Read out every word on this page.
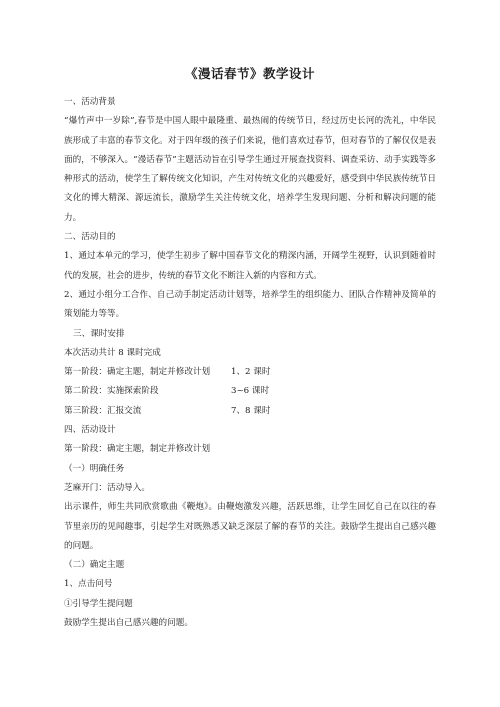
《漫话春节》教学设计

一、活动背景

“爆竹声中一岁除”,春节是中国人眼中最隆重、最热闹的传统节日，经过历史长河的洗礼，中华民族形成了丰富的春节文化。对于四年级的孩子们来说，他们喜欢过春节，但对春节的了解仅仅是表面的，不够深入。“漫话春节”主题活动旨在引导学生通过开展查找资料、调查采访、动手实践等多种形式的活动，使学生了解传统文化知识，产生对传统文化的兴趣爱好，感受到中华民族传统节日文化的博大精深、源远流长，激励学生关注传统文化，培养学生发现问题、分析和解决问题的能力。

二、活动目的

1、通过本单元的学习，使学生初步了解中国春节文化的精深内涵，开阔学生视野，认识到随着时代的发展，社会的进步，传统的春节文化不断注入新的内容和方式。

2、通过小组分工合作、自己动手制定活动计划等，培养学生的组织能力、团队合作精神及简单的策划能力等等。

三、课时安排

本次活动共计 8 课时完成

第一阶段：确定主题，制定并修改计划	1、2 课时
第二阶段：实施探索阶段	3~6 课时
第三阶段：汇报交流	7、8 课时

四、活动设计

第一阶段：确定主题，制定并修改计划

（一）明确任务

芝麻开门：活动导入。

出示课件，师生共同欣赏歌曲《鞭炮》。由鞭炮激发兴趣，活跃思维，让学生回忆自己在以往的春节里亲历的见闻趣事，引起学生对既熟悉又缺乏深层了解的春节的关注。鼓励学生提出自己感兴趣的问题。

（二）确定主题

1、点击问号

①引导学生提问题

鼓励学生提出自己感兴趣的问题。
